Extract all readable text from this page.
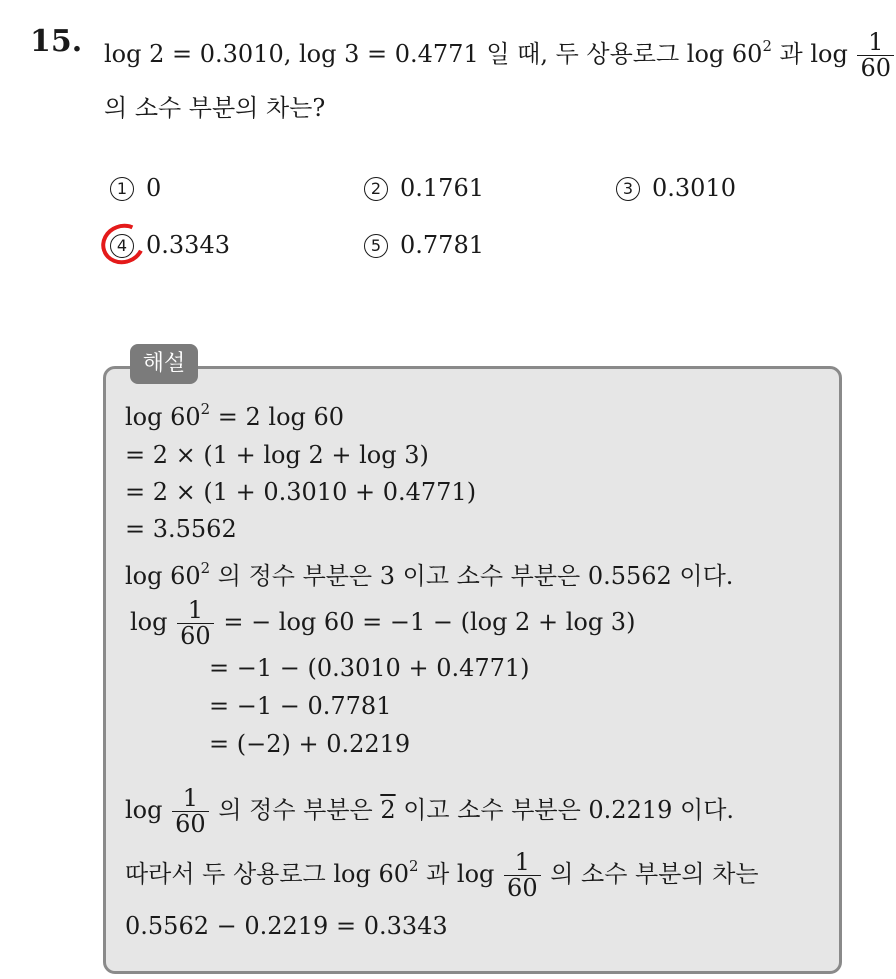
15. log 2 = 0.3010, log 3 = 0.4771 일 때, 두 상용로그 $\log 60^2$ 과 $\log \frac{1}{60}$
의 소수 부분의 차는?
1 0	2 0.1761	3 0.3010
4 0.3343	5 0.7781
해설
$\log 60^2 = 2$ log 60
= 2 × (1 + log 2 + log 3)
= 2 × (1 + 0.3010 + 0.4771)
= 3.5562
$\log 60^2$ 의 정수 부분은 3 이고 소수 부분은 0.5562 이다.
$\log \frac{1}{60}$ = − log 60 = −1 − (log 2 + log 3)
= −1 − (0.3010 + 0.4771)
= −1 − 0.7781
= (−2) + 0.2219
$\log \frac{1}{60}$ 의 정수 부분은 2 이고 소수 부분은 0.2219 이다.
따라서 두 상용로그 $\log 60^2$ 과 $\log \frac{1}{60}$ 의 소수 부분의 차는
0.5562 − 0.2219 = 0.3343
